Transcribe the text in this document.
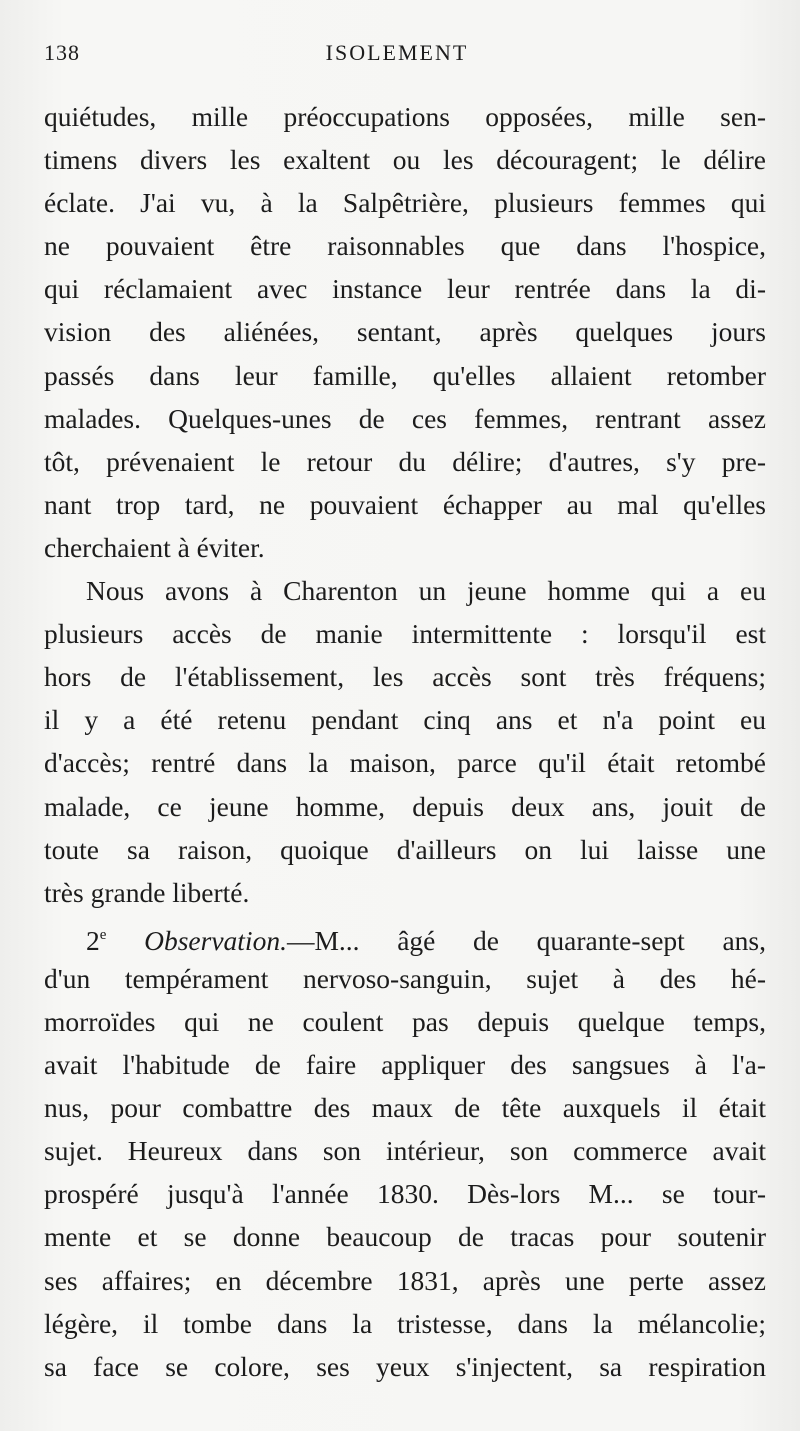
138	ISOLEMENT
quiétudes, mille préoccupations opposées, mille sen-
timens divers les exaltent ou les découragent; le délire
éclate. J'ai vu, à la Salpêtrière, plusieurs femmes qui
ne pouvaient être raisonnables que dans l'hospice,
qui réclamaient avec instance leur rentrée dans la di-
vision des aliénées, sentant, après quelques jours
passés dans leur famille, qu'elles allaient retomber
malades. Quelques-unes de ces femmes, rentrant assez
tôt, prévenaient le retour du délire; d'autres, s'y pre-
nant trop tard, ne pouvaient échapper au mal qu'elles
cherchaient à éviter.
Nous avons à Charenton un jeune homme qui a eu
plusieurs accès de manie intermittente : lorsqu'il est
hors de l'établissement, les accès sont très fréquens;
il y a été retenu pendant cinq ans et n'a point eu
d'accès; rentré dans la maison, parce qu'il était retombé
malade, ce jeune homme, depuis deux ans, jouit de
toute sa raison, quoique d'ailleurs on lui laisse une
très grande liberté.
2e Observation.—M... âgé de quarante-sept ans,
d'un tempérament nervoso-sanguin, sujet à des hé-
morroïdes qui ne coulent pas depuis quelque temps,
avait l'habitude de faire appliquer des sangsues à l'a-
nus, pour combattre des maux de tête auxquels il était
sujet. Heureux dans son intérieur, son commerce avait
prospéré jusqu'à l'année 1830. Dès-lors M... se tour-
mente et se donne beaucoup de tracas pour soutenir
ses affaires; en décembre 1831, après une perte assez
légère, il tombe dans la tristesse, dans la mélancolie;
sa face se colore, ses yeux s'injectent, sa respiration
